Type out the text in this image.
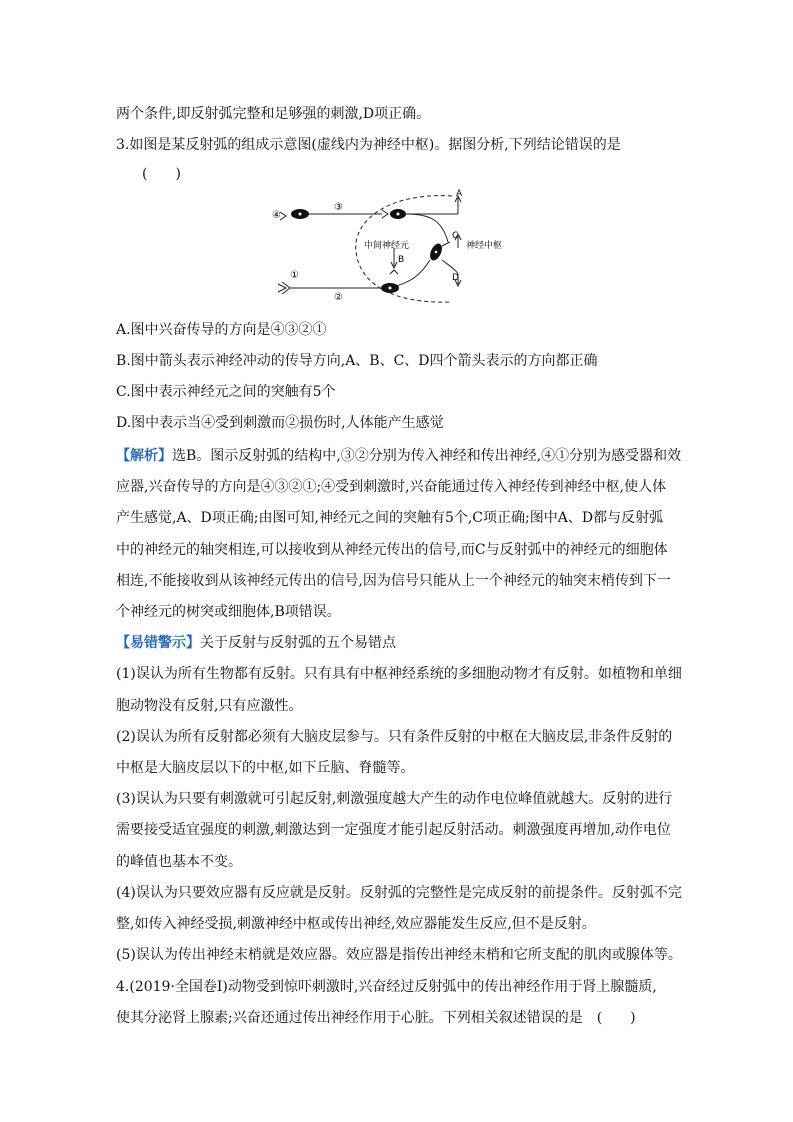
两个条件,即反射弧完整和足够强的刺激,D项正确。
3.如图是某反射弧的组成示意图(虚线内为神经中枢)。据图分析,下列结论错误的是
(　　)
④
③
①
②
A
C
D
B
中间神经元	神经中枢
A.图中兴奋传导的方向是④③②①
B.图中箭头表示神经冲动的传导方向,A、B、C、D四个箭头表示的方向都正确
C.图中表示神经元之间的突触有5个
D.图中表示当④受到刺激而②损伤时,人体能产生感觉
【解析】选B。图示反射弧的结构中,③②分别为传入神经和传出神经,④①分别为感受器和效
应器,兴奋传导的方向是④③②①;④受到刺激时,兴奋能通过传入神经传到神经中枢,使人体
产生感觉,A、D项正确;由图可知,神经元之间的突触有5个,C项正确;图中A、D都与反射弧
中的神经元的轴突相连,可以接收到从神经元传出的信号,而C与反射弧中的神经元的细胞体
相连,不能接收到从该神经元传出的信号,因为信号只能从上一个神经元的轴突末梢传到下一
个神经元的树突或细胞体,B项错误。
【易错警示】关于反射与反射弧的五个易错点
(1)误认为所有生物都有反射。只有具有中枢神经系统的多细胞动物才有反射。如植物和单细
胞动物没有反射,只有应激性。
(2)误认为所有反射都必须有大脑皮层参与。只有条件反射的中枢在大脑皮层,非条件反射的
中枢是大脑皮层以下的中枢,如下丘脑、脊髓等。
(3)误认为只要有刺激就可引起反射,刺激强度越大产生的动作电位峰值就越大。反射的进行
需要接受适宜强度的刺激,刺激达到一定强度才能引起反射活动。刺激强度再增加,动作电位
的峰值也基本不变。
(4)误认为只要效应器有反应就是反射。反射弧的完整性是完成反射的前提条件。反射弧不完
整,如传入神经受损,刺激神经中枢或传出神经,效应器能发生反应,但不是反射。
(5)误认为传出神经末梢就是效应器。效应器是指传出神经末梢和它所支配的肌肉或腺体等。
4.(2019·全国卷Ⅰ)动物受到惊吓刺激时,兴奋经过反射弧中的传出神经作用于肾上腺髓质,
使其分泌肾上腺素;兴奋还通过传出神经作用于心脏。下列相关叙述错误的是　(　　)
